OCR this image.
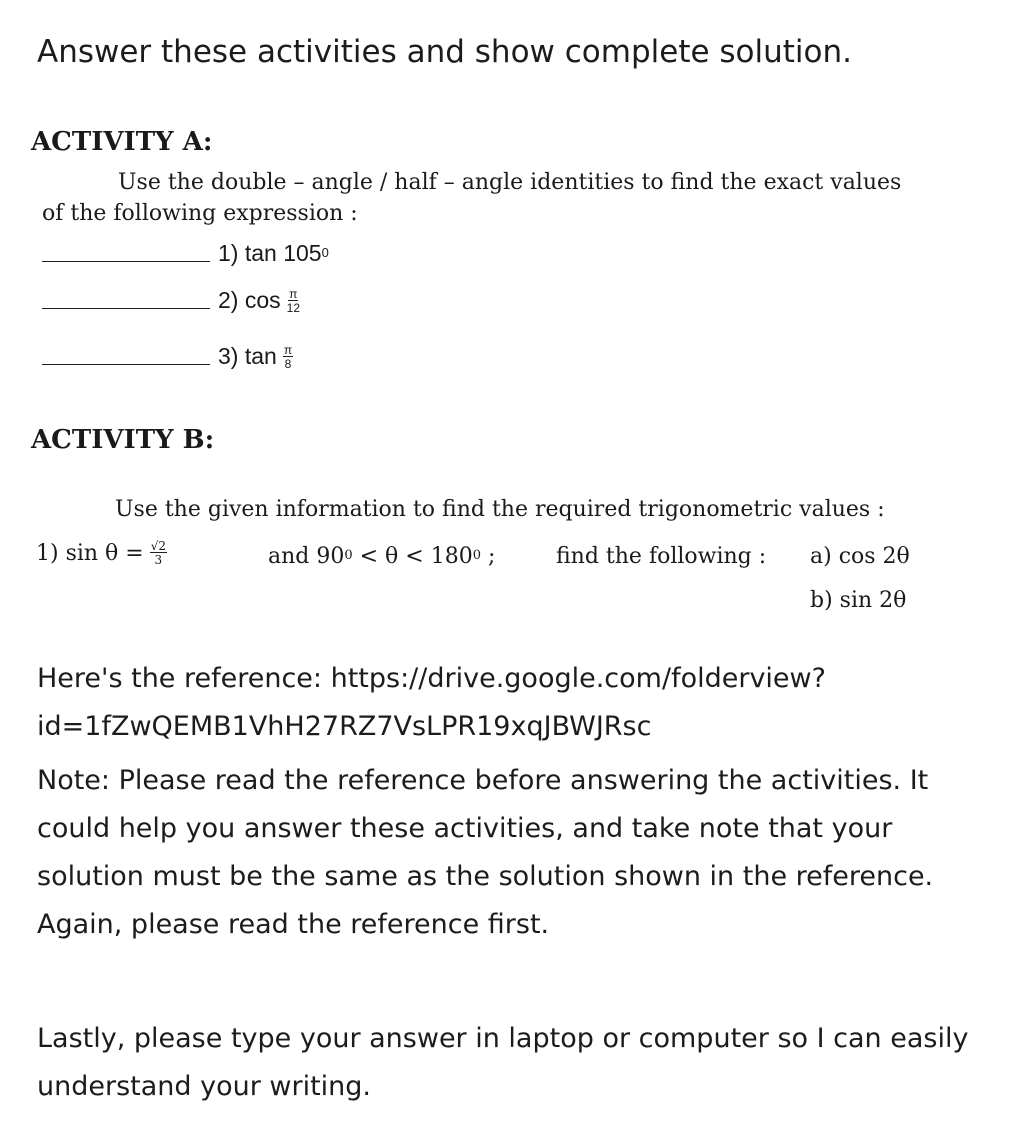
Answer these activities and show complete solution.
ACTIVITY A:
Use the double – angle / half – angle identities to find the exact values
of the following expression :
1) $\tan 105^0$
2) $\cos \frac{\pi}{12}$
3) $\tan \frac{\pi}{8}$
ACTIVITY B:
Use the given information to find the required trigonometric values :
1) $\sin \theta = \frac{√2}{3}$	and $90^0 < \theta < 180^0$ ;	find the following : a) cos 2θ
b) sin 2θ
Here's the reference: https://drive.google.com/folderview?id=1fZwQEMB1VhH27RZ7VsLPR19xqJBWJRsc
Note: Please read the reference before answering the activities. It could help you answer these activities, and take note that your solution must be the same as the solution shown in the reference. Again, please read the reference first.
Lastly, please type your answer in laptop or computer so I can easily understand your writing.
